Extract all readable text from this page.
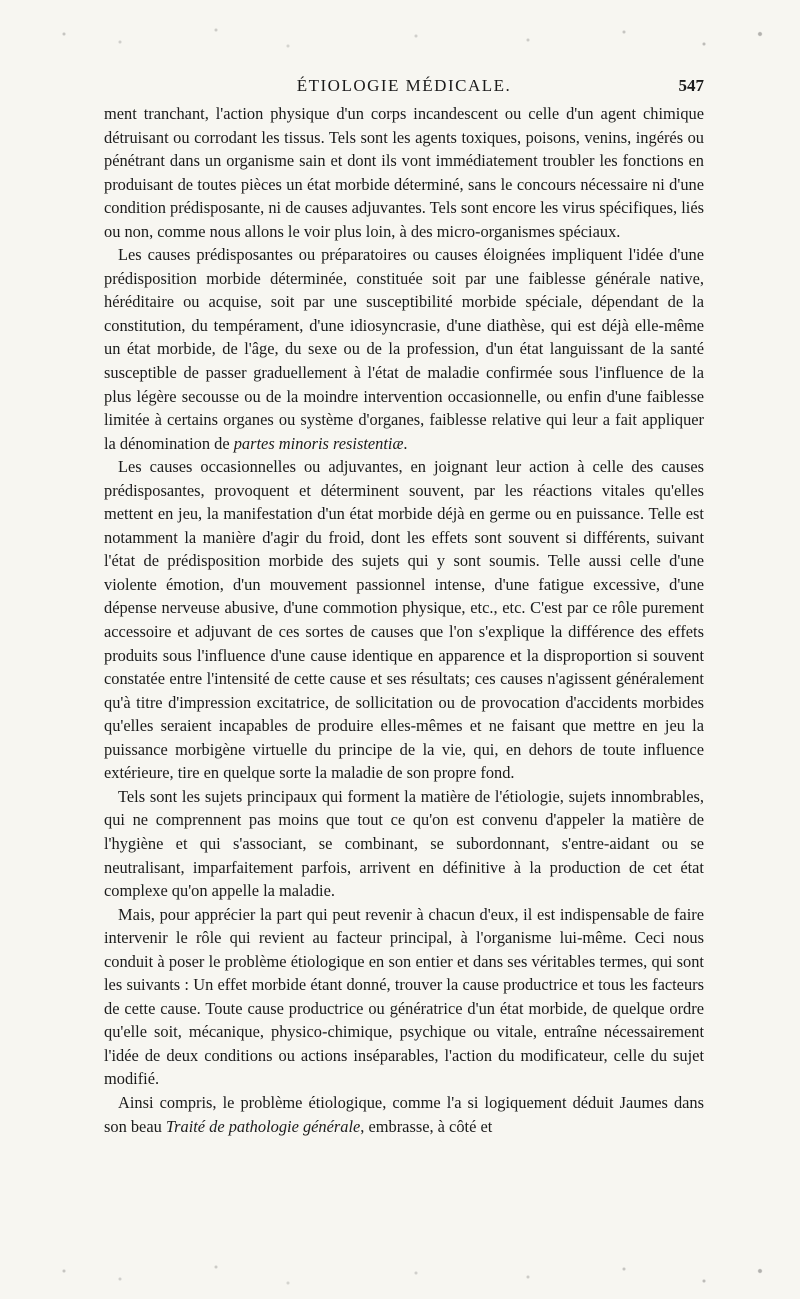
ÉTIOLOGIE MÉDICALE.	547

ment tranchant, l'action physique d'un corps incandescent ou celle d'un agent chimique détruisant ou corrodant les tissus. Tels sont les agents toxiques, poisons, venins, ingérés ou pénétrant dans un organisme sain et dont ils vont immédiatement troubler les fonctions en produisant de toutes pièces un état morbide déterminé, sans le concours nécessaire ni d'une condition prédisposante, ni de causes adjuvantes. Tels sont encore les virus spécifiques, liés ou non, comme nous allons le voir plus loin, à des micro-organismes spéciaux.

Les causes prédisposantes ou préparatoires ou causes éloignées impliquent l'idée d'une prédisposition morbide déterminée, constituée soit par une faiblesse générale native, héréditaire ou acquise, soit par une susceptibilité morbide spéciale, dépendant de la constitution, du tempérament, d'une idiosyncrasie, d'une diathèse, qui est déjà elle-même un état morbide, de l'âge, du sexe ou de la profession, d'un état languissant de la santé susceptible de passer graduellement à l'état de maladie confirmée sous l'influence de la plus légère secousse ou de la moindre intervention occasionnelle, ou enfin d'une faiblesse limitée à certains organes ou système d'organes, faiblesse relative qui leur a fait appliquer la dénomination de partes minoris resistentiæ.

Les causes occasionnelles ou adjuvantes, en joignant leur action à celle des causes prédisposantes, provoquent et déterminent souvent, par les réactions vitales qu'elles mettent en jeu, la manifestation d'un état morbide déjà en germe ou en puissance. Telle est notamment la manière d'agir du froid, dont les effets sont souvent si différents, suivant l'état de prédisposition morbide des sujets qui y sont soumis. Telle aussi celle d'une violente émotion, d'un mouvement passionnel intense, d'une fatigue excessive, d'une dépense nerveuse abusive, d'une commotion physique, etc., etc. C'est par ce rôle purement accessoire et adjuvant de ces sortes de causes que l'on s'explique la différence des effets produits sous l'influence d'une cause identique en apparence et la disproportion si souvent constatée entre l'intensité de cette cause et ses résultats; ces causes n'agissent généralement qu'à titre d'impression excitatrice, de sollicitation ou de provocation d'accidents morbides qu'elles seraient incapables de produire elles-mêmes et ne faisant que mettre en jeu la puissance morbigène virtuelle du principe de la vie, qui, en dehors de toute influence extérieure, tire en quelque sorte la maladie de son propre fond.

Tels sont les sujets principaux qui forment la matière de l'étiologie, sujets innombrables, qui ne comprennent pas moins que tout ce qu'on est convenu d'appeler la matière de l'hygiène et qui s'associant, se combinant, se subordonnant, s'entre-aidant ou se neutralisant, imparfaitement parfois, arrivent en définitive à la production de cet état complexe qu'on appelle la maladie.

Mais, pour apprécier la part qui peut revenir à chacun d'eux, il est indispensable de faire intervenir le rôle qui revient au facteur principal, à l'organisme lui-même. Ceci nous conduit à poser le problème étiologique en son entier et dans ses véritables termes, qui sont les suivants : Un effet morbide étant donné, trouver la cause productrice et tous les facteurs de cette cause. Toute cause productrice ou génératrice d'un état morbide, de quelque ordre qu'elle soit, mécanique, physico-chimique, psychique ou vitale, entraîne nécessairement l'idée de deux conditions ou actions inséparables, l'action du modificateur, celle du sujet modifié.

Ainsi compris, le problème étiologique, comme l'a si logiquement déduit Jaumes dans son beau Traité de pathologie générale, embrasse, à côté et
